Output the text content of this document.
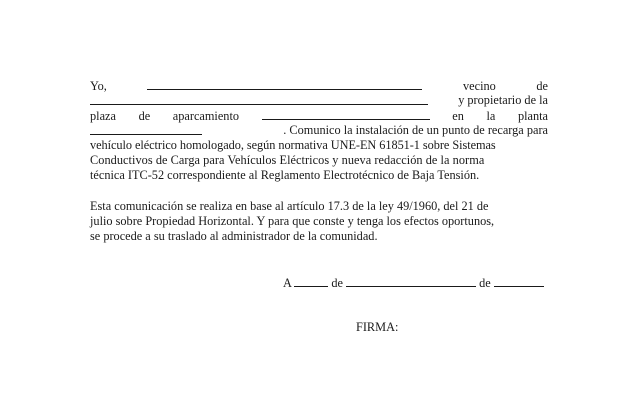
Yo,	vecino	de
y propietario de la
plaza de aparcamiento	en la planta
. Comunico la instalación de un punto de recarga para
vehículo eléctrico homologado, según normativa UNE-EN 61851-1 sobre Sistemas
Conductivos de Carga para Vehículos Eléctricos y nueva redacción de la norma
técnica ITC-52 correspondiente al Reglamento Electrotécnico de Baja Tensión.
Esta comunicación se realiza en base al artículo 17.3 de la ley 49/1960, del 21 de
julio sobre Propiedad Horizontal. Y para que conste y tenga los efectos oportunos,
se procede a su traslado al administrador de la comunidad.
A	de	de
FIRMA:
